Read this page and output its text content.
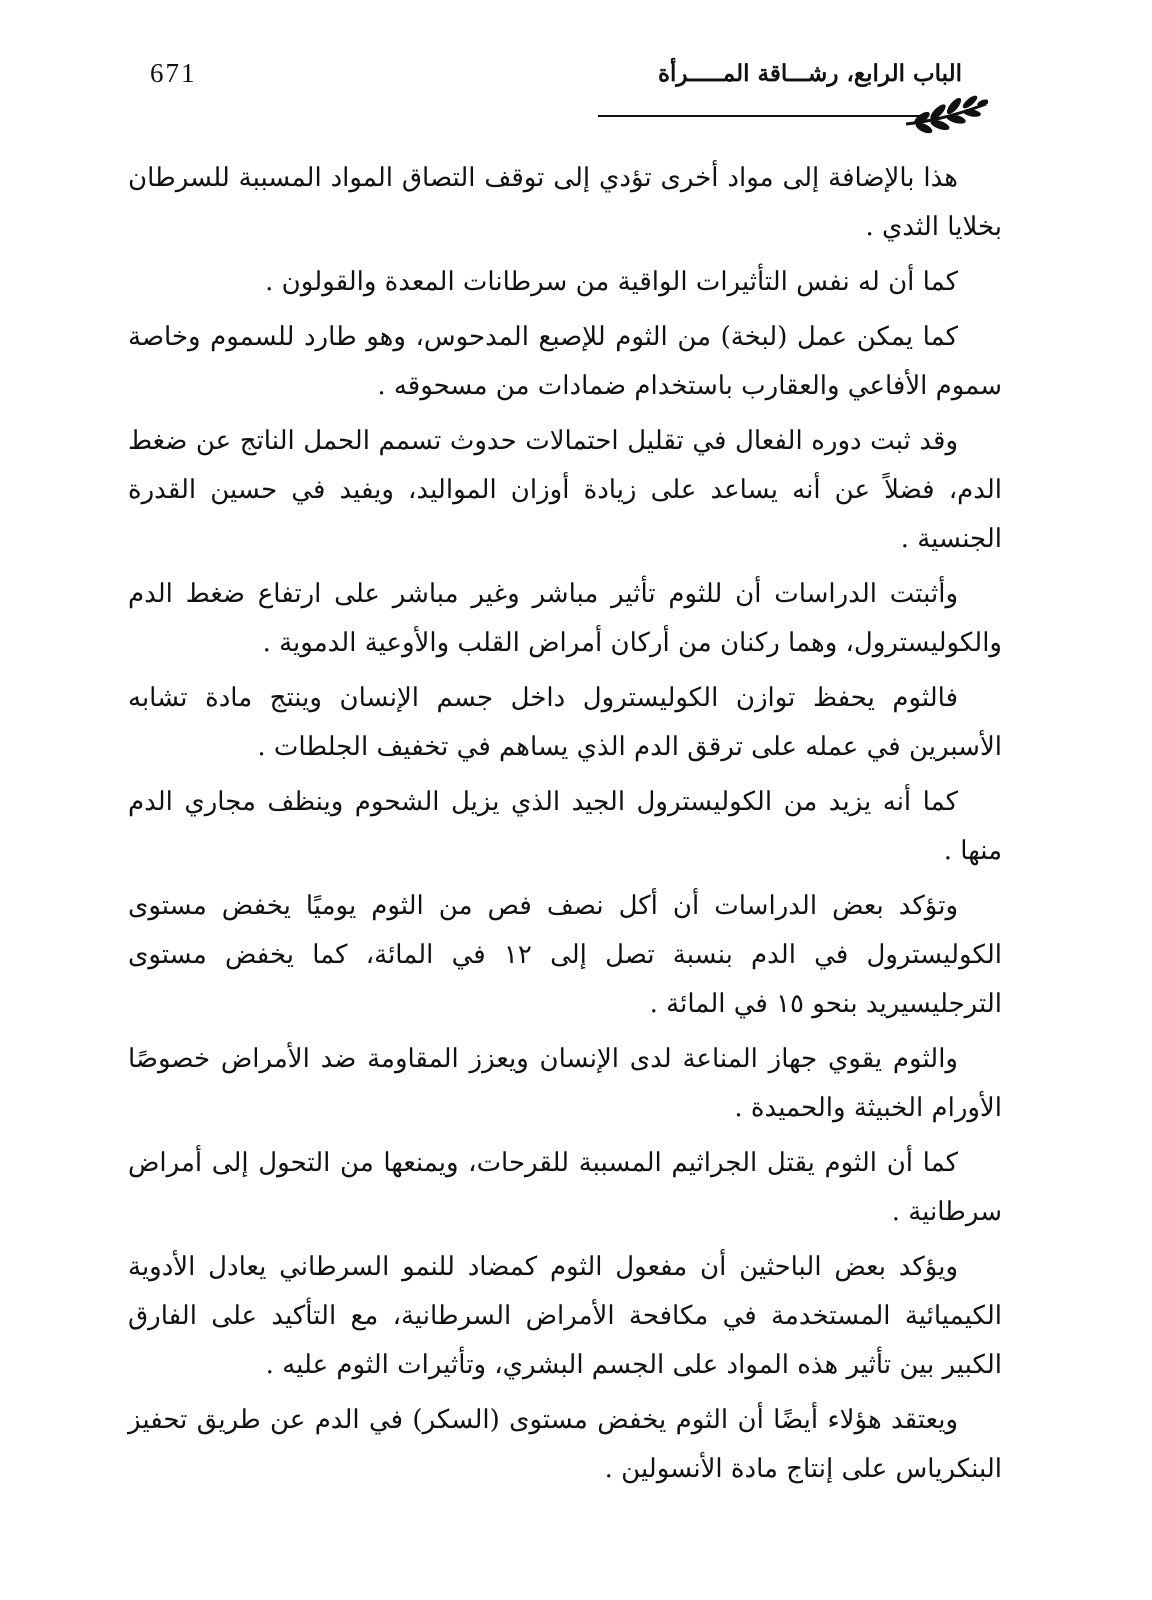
671	الباب الرابع، رشـــاقة المـــــرأة

هذا بالإضافة إلى مواد أخرى تؤدي إلى توقف التصاق المواد المسببة للسرطان بخلايا الثدي .

كما أن له نفس التأثيرات الواقية من سرطانات المعدة والقولون .

كما يمكن عمل (لبخة) من الثوم للإصبع المدحوس، وهو طارد للسموم وخاصة سموم الأفاعي والعقارب باستخدام ضمادات من مسحوقه .

وقد ثبت دوره الفعال في تقليل احتمالات حدوث تسمم الحمل الناتج عن ضغط الدم، فضلاً عن أنه يساعد على زيادة أوزان المواليد، ويفيد في حسين القدرة الجنسية .

وأثبتت الدراسات أن للثوم تأثير مباشر وغير مباشر على ارتفاع ضغط الدم والكوليسترول، وهما ركنان من أركان أمراض القلب والأوعية الدموية .

فالثوم يحفظ توازن الكوليسترول داخل جسم الإنسان وينتج مادة تشابه الأسبرين في عمله على ترقق الدم الذي يساهم في تخفيف الجلطات .

كما أنه يزيد من الكوليسترول الجيد الذي يزيل الشحوم وينظف مجاري الدم منها .

وتؤكد بعض الدراسات أن أكل نصف فص من الثوم يوميًا يخفض مستوى الكوليسترول في الدم بنسبة تصل إلى ١٢ في المائة، كما يخفض مستوى الترجليسيريد بنحو ١٥ في المائة .

والثوم يقوي جهاز المناعة لدى الإنسان ويعزز المقاومة ضد الأمراض خصوصًا الأورام الخبيثة والحميدة .

كما أن الثوم يقتل الجراثيم المسببة للقرحات، ويمنعها من التحول إلى أمراض سرطانية .

ويؤكد بعض الباحثين أن مفعول الثوم كمضاد للنمو السرطاني يعادل الأدوية الكيميائية المستخدمة في مكافحة الأمراض السرطانية، مع التأكيد على الفارق الكبير بين تأثير هذه المواد على الجسم البشري، وتأثيرات الثوم عليه .

ويعتقد هؤلاء أيضًا أن الثوم يخفض مستوى (السكر) في الدم عن طريق تحفيز البنكرياس على إنتاج مادة الأنسولين .
